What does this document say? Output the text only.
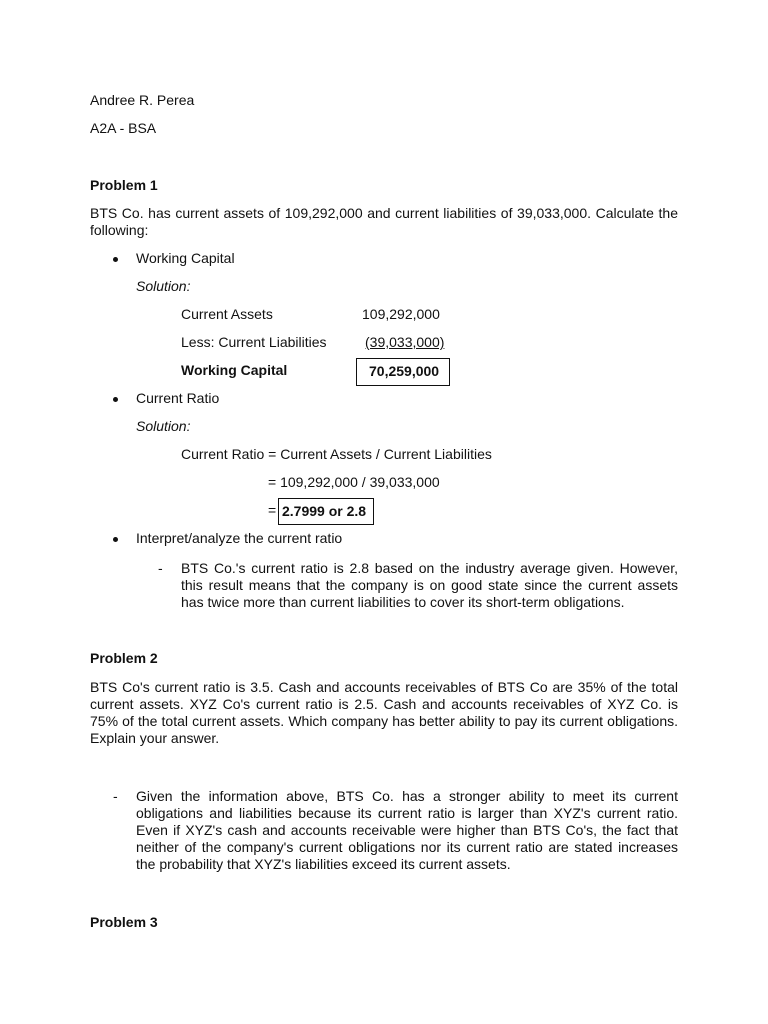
Andree R. Perea
A2A - BSA
Problem 1
BTS Co. has current assets of 109,292,000 and current liabilities of 39,033,000. Calculate the following:
Working Capital
Solution:
Current Assets	109,292,000
Less: Current Liabilities	(39,033,000)
Working Capital	70,259,000
Current Ratio
Solution:
Current Ratio = Current Assets / Current Liabilities
= 109,292,000 / 39,033,000
= 2.7999 or 2.8
Interpret/analyze the current ratio
- BTS Co.'s current ratio is 2.8 based on the industry average given. However, this result means that the company is on good state since the current assets has twice more than current liabilities to cover its short-term obligations.
Problem 2
BTS Co's current ratio is 3.5. Cash and accounts receivables of BTS Co are 35% of the total current assets. XYZ Co's current ratio is 2.5. Cash and accounts receivables of XYZ Co. is 75% of the total current assets. Which company has better ability to pay its current obligations. Explain your answer.
- Given the information above, BTS Co. has a stronger ability to meet its current obligations and liabilities because its current ratio is larger than XYZ's current ratio. Even if XYZ's cash and accounts receivable were higher than BTS Co's, the fact that neither of the company's current obligations nor its current ratio are stated increases the probability that XYZ's liabilities exceed its current assets.
Problem 3
